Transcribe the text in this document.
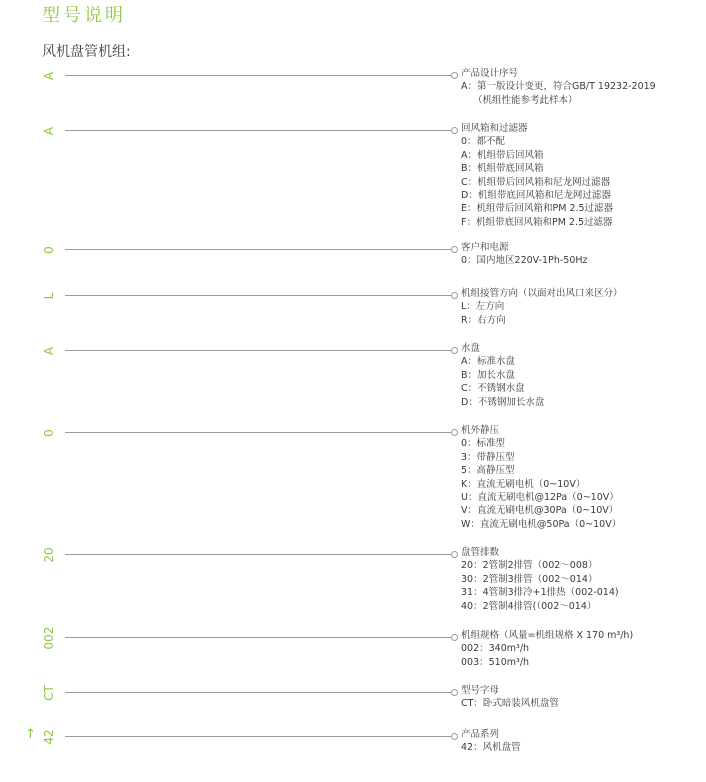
型号说明
风机盘管机组:
A	产品设计序号
A：第一版设计变更，符合GB/T 19232-2019
（机组性能参考此样本）
A	回风箱和过滤器
0：都不配
A：机组带后回风箱
B：机组带底回风箱
C：机组带后回风箱和尼龙网过滤器
D：机组带底回风箱和尼龙网过滤器
E：机组带后回风箱和PM 2.5过滤器
F：机组带底回风箱和PM 2.5过滤器
0	客户和电源
0：国内地区220V-1Ph-50Hz
L	机组接管方向（以面对出风口来区分）
L：左方向
R：右方向
A	水盘
A：标准水盘
B：加长水盘
C：不锈钢水盘
D：不锈钢加长水盘
0	机外静压
0：标准型
3：带静压型
5：高静压型
K：直流无刷电机（0~10V）
U：直流无刷电机@12Pa（0~10V）
V：直流无刷电机@30Pa（0~10V）
W：直流无刷电机@50Pa（0~10V）
20	盘管排数
20：2管制2排管（002～008）
30：2管制3排管（002～014）
31：4管制3排冷+1排热（002-014)
40：2管制4排管(（002～014）
002	机组规格（风量=机组规格 X 170 m³/h)
002：340m³/h
003：510m³/h
CT	型号字母
CT：卧式暗装风机盘管
↑ 42	产品系列
42：风机盘管
